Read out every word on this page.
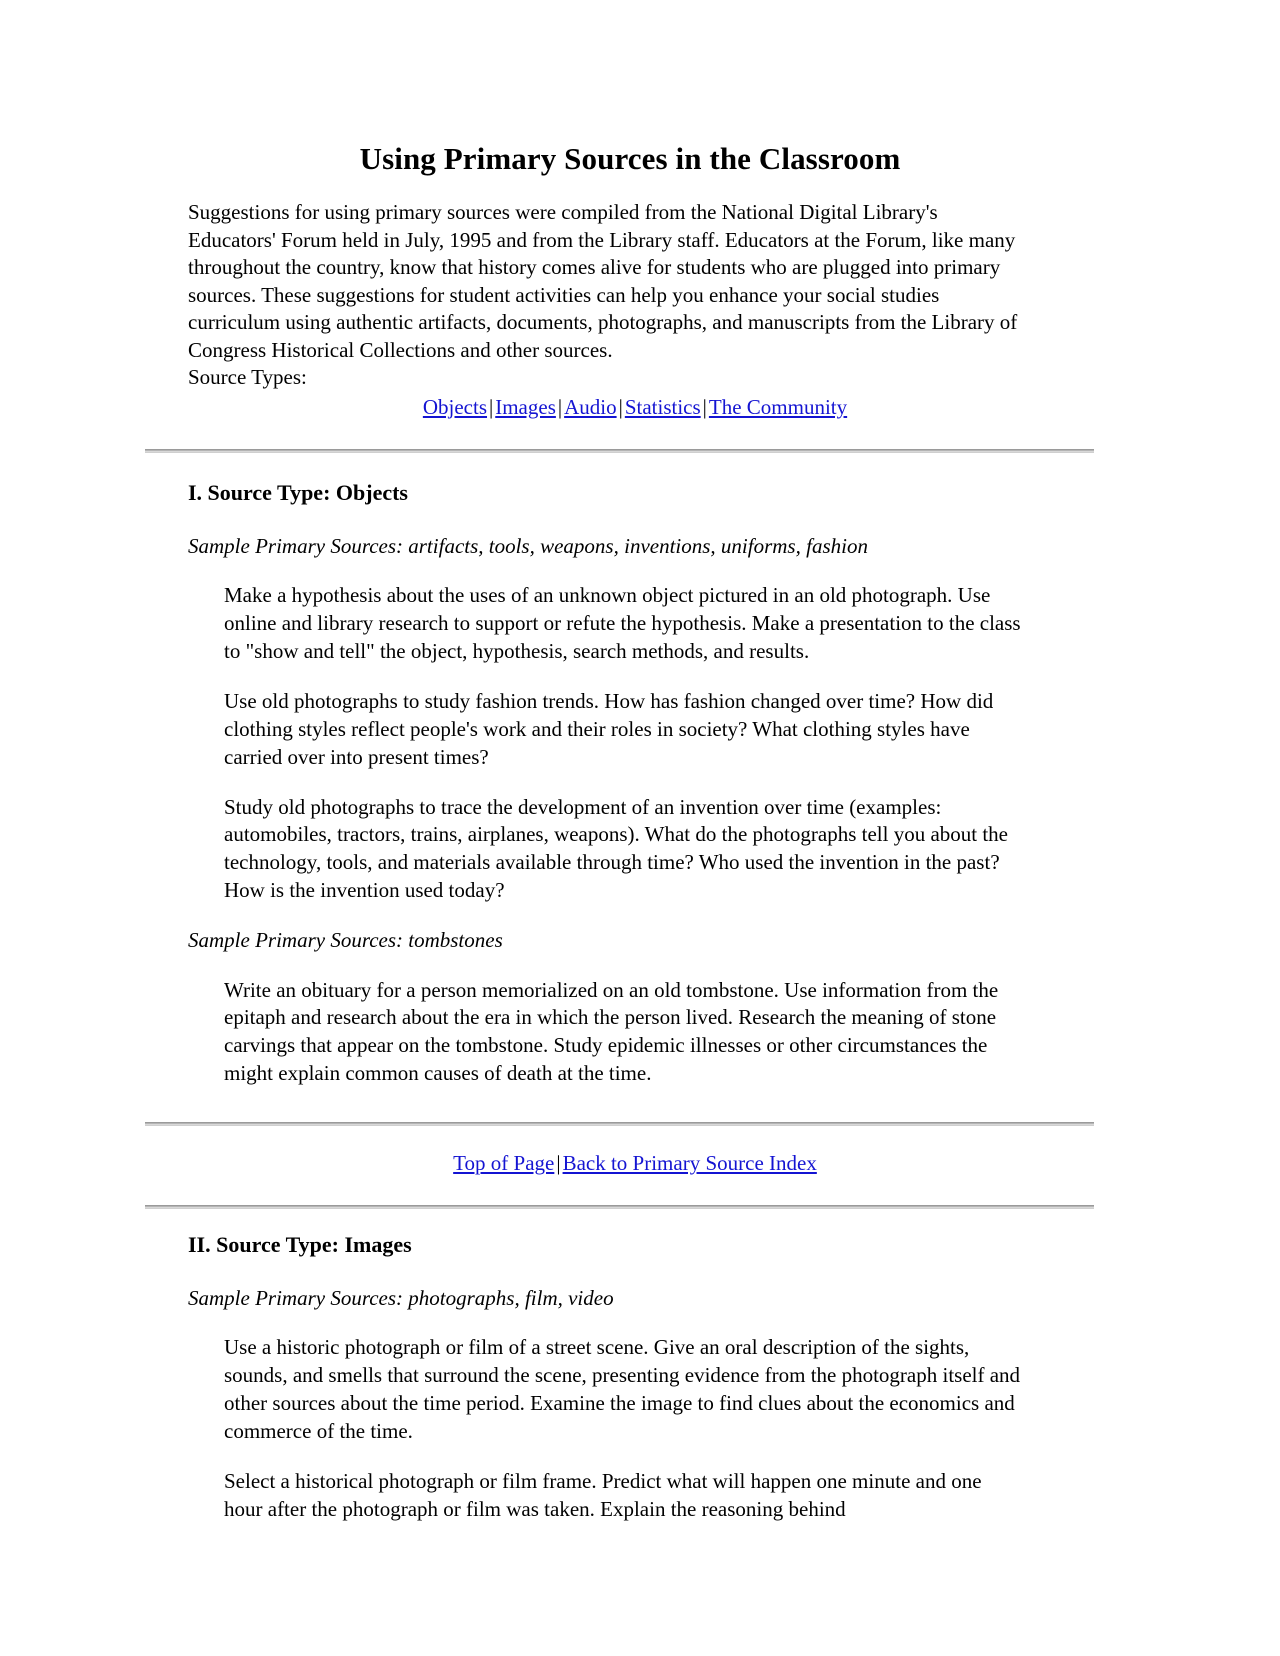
Using Primary Sources in the Classroom

Suggestions for using primary sources were compiled from the National Digital Library's Educators' Forum held in July, 1995 and from the Library staff. Educators at the Forum, like many throughout the country, know that history comes alive for students who are plugged into primary sources. These suggestions for student activities can help you enhance your social studies curriculum using authentic artifacts, documents, photographs, and manuscripts from the Library of Congress Historical Collections and other sources.

Source Types:

Objects|Images|Audio|Statistics|The Community

I. Source Type: Objects

Sample Primary Sources: artifacts, tools, weapons, inventions, uniforms, fashion

Make a hypothesis about the uses of an unknown object pictured in an old photograph. Use online and library research to support or refute the hypothesis. Make a presentation to the class to "show and tell" the object, hypothesis, search methods, and results.

Use old photographs to study fashion trends. How has fashion changed over time? How did clothing styles reflect people's work and their roles in society? What clothing styles have carried over into present times?

Study old photographs to trace the development of an invention over time (examples: automobiles, tractors, trains, airplanes, weapons). What do the photographs tell you about the technology, tools, and materials available through time? Who used the invention in the past? How is the invention used today?

Sample Primary Sources: tombstones

Write an obituary for a person memorialized on an old tombstone. Use information from the epitaph and research about the era in which the person lived. Research the meaning of stone carvings that appear on the tombstone. Study epidemic illnesses or other circumstances the might explain common causes of death at the time.

Top of Page|Back to Primary Source Index

II. Source Type: Images

Sample Primary Sources: photographs, film, video

Use a historic photograph or film of a street scene. Give an oral description of the sights, sounds, and smells that surround the scene, presenting evidence from the photograph itself and other sources about the time period. Examine the image to find clues about the economics and commerce of the time.

Select a historical photograph or film frame. Predict what will happen one minute and one hour after the photograph or film was taken. Explain the reasoning behind
